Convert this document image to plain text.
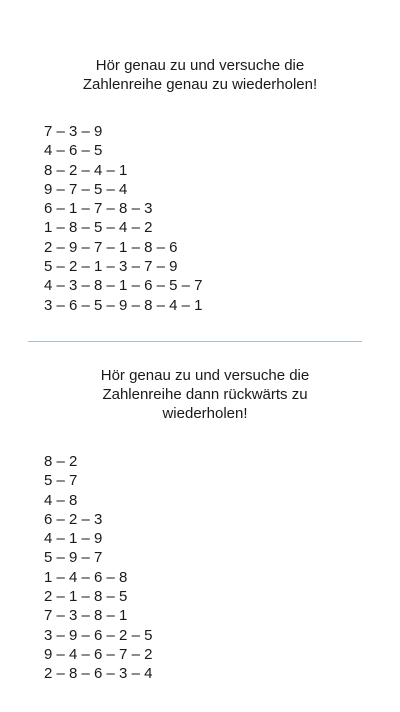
Hör genau zu und versuche die
Zahlenreihe genau zu wiederholen!
7 – 3 – 9
4 – 6 – 5
8 – 2 – 4 – 1
9 – 7 – 5 – 4
6 – 1 – 7 – 8 – 3
1 – 8 – 5 – 4 – 2
2 – 9 – 7 – 1 – 8 – 6
5 – 2 – 1 – 3 – 7 – 9
4 – 3 – 8 – 1 – 6 – 5 – 7
3 – 6 – 5 – 9 – 8 – 4 – 1
Hör genau zu und versuche die
Zahlenreihe dann rückwärts zu
wiederholen!
8 – 2
5 – 7
4 – 8
6 – 2 – 3
4 – 1 – 9
5 – 9 – 7
1 – 4 – 6 – 8
2 – 1 – 8 – 5
7 – 3 – 8 – 1
3 – 9 – 6 – 2 – 5
9 – 4 – 6 – 7 – 2
2 – 8 – 6 – 3 – 4
